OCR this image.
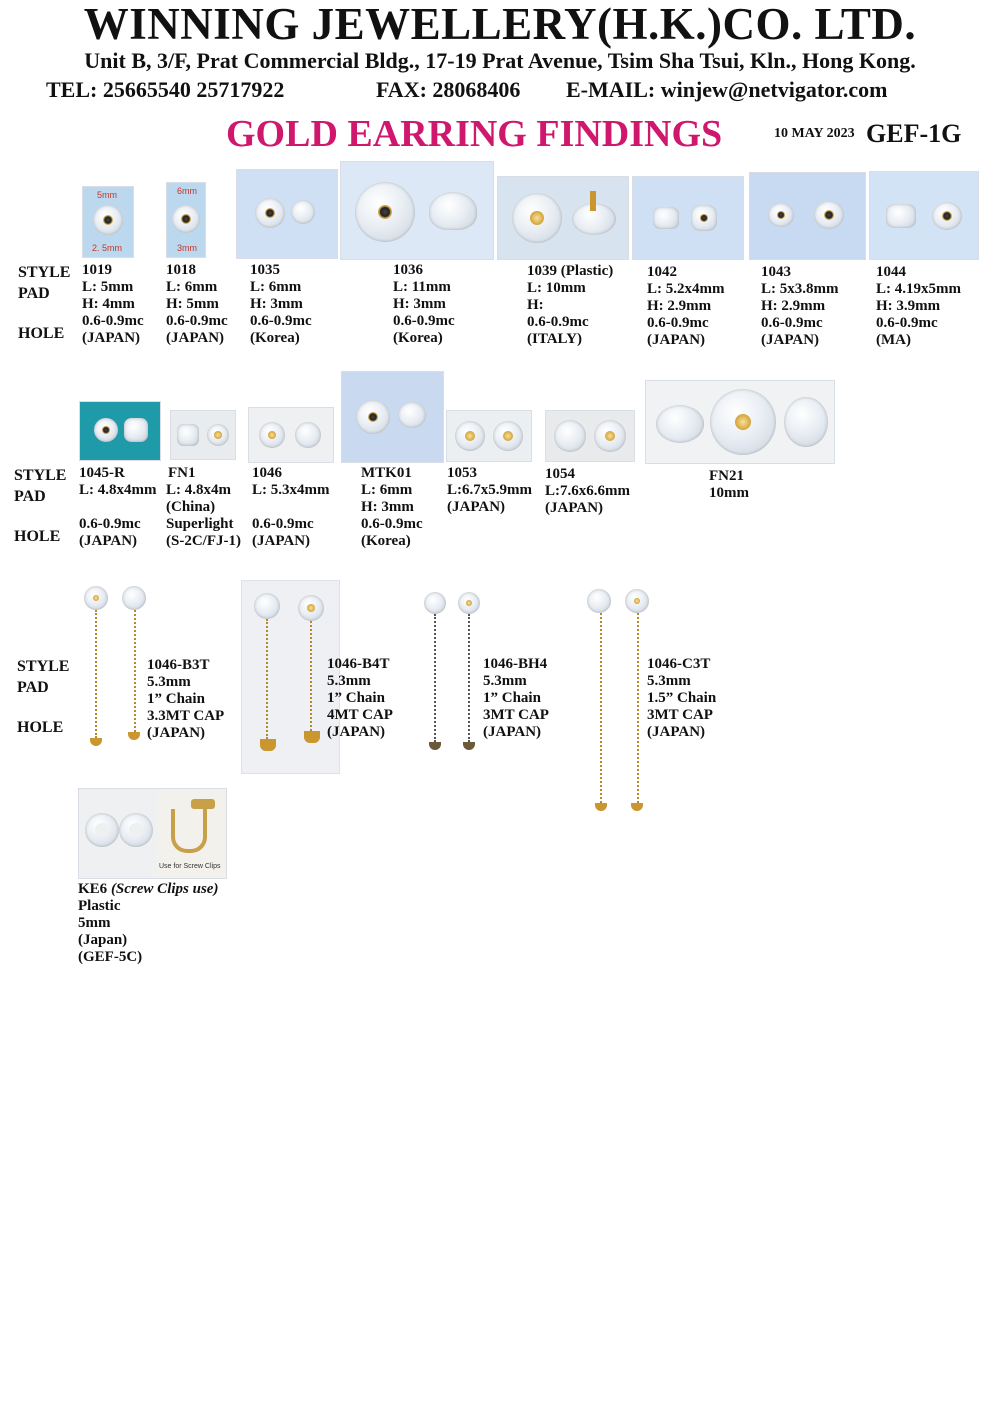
WINNING JEWELLERY(H.K.)CO. LTD.
Unit B, 3/F, Prat Commercial Bldg., 17-19 Prat Avenue, Tsim Sha Tsui, Kln., Hong Kong.
TEL: 25665540 25717922	FAX: 28068406 E-MAIL: winjew@netvigator.com
GOLD EARRING FINDINGS	10 MAY 2023 GEF-1G
STYLE
PAD
HOLE
5mm
2. 5mm
6mm
3mm
1019
L: 5mm
H: 4mm
0.6-0.9mc
(JAPAN)
1018
L: 6mm
H: 5mm
0.6-0.9mc
(JAPAN)
1035
L: 6mm
H: 3mm
0.6-0.9mc
(Korea)
1036
L: 11mm
H: 3mm
0.6-0.9mc
(Korea)
1039 (Plastic)
L: 10mm
H:
0.6-0.9mc
(ITALY)
1042
L: 5.2x4mm
H: 2.9mm
0.6-0.9mc
(JAPAN)
1043
L: 5x3.8mm
H: 2.9mm
0.6-0.9mc
(JAPAN)
1044
L: 4.19x5mm
H: 3.9mm
0.6-0.9mc
(MA)
STYLE
PAD
HOLE
1045-R
L: 4.8x4mm

0.6-0.9mc
(JAPAN)
FN1
L: 4.8x4m
(China)
Superlight
(S-2C/FJ-1)
1046
L: 5.3x4mm

0.6-0.9mc
(JAPAN)
MTK01
L: 6mm
H: 3mm
0.6-0.9mc
(Korea)
1053
L:6.7x5.9mm
(JAPAN)
1054
L:7.6x6.6mm
(JAPAN)
FN21
10mm
STYLE
PAD
HOLE
1046-B3T
5.3mm
1” Chain
3.3MT CAP
(JAPAN)
1046-B4T
5.3mm
1” Chain
4MT CAP
(JAPAN)
1046-BH4
5.3mm
1” Chain
3MT CAP
(JAPAN)
1046-C3T
5.3mm
1.5” Chain
3MT CAP
(JAPAN)
Use for Screw Clips
KE6 (Screw Clips use)
Plastic
5mm
(Japan)
(GEF-5C)
